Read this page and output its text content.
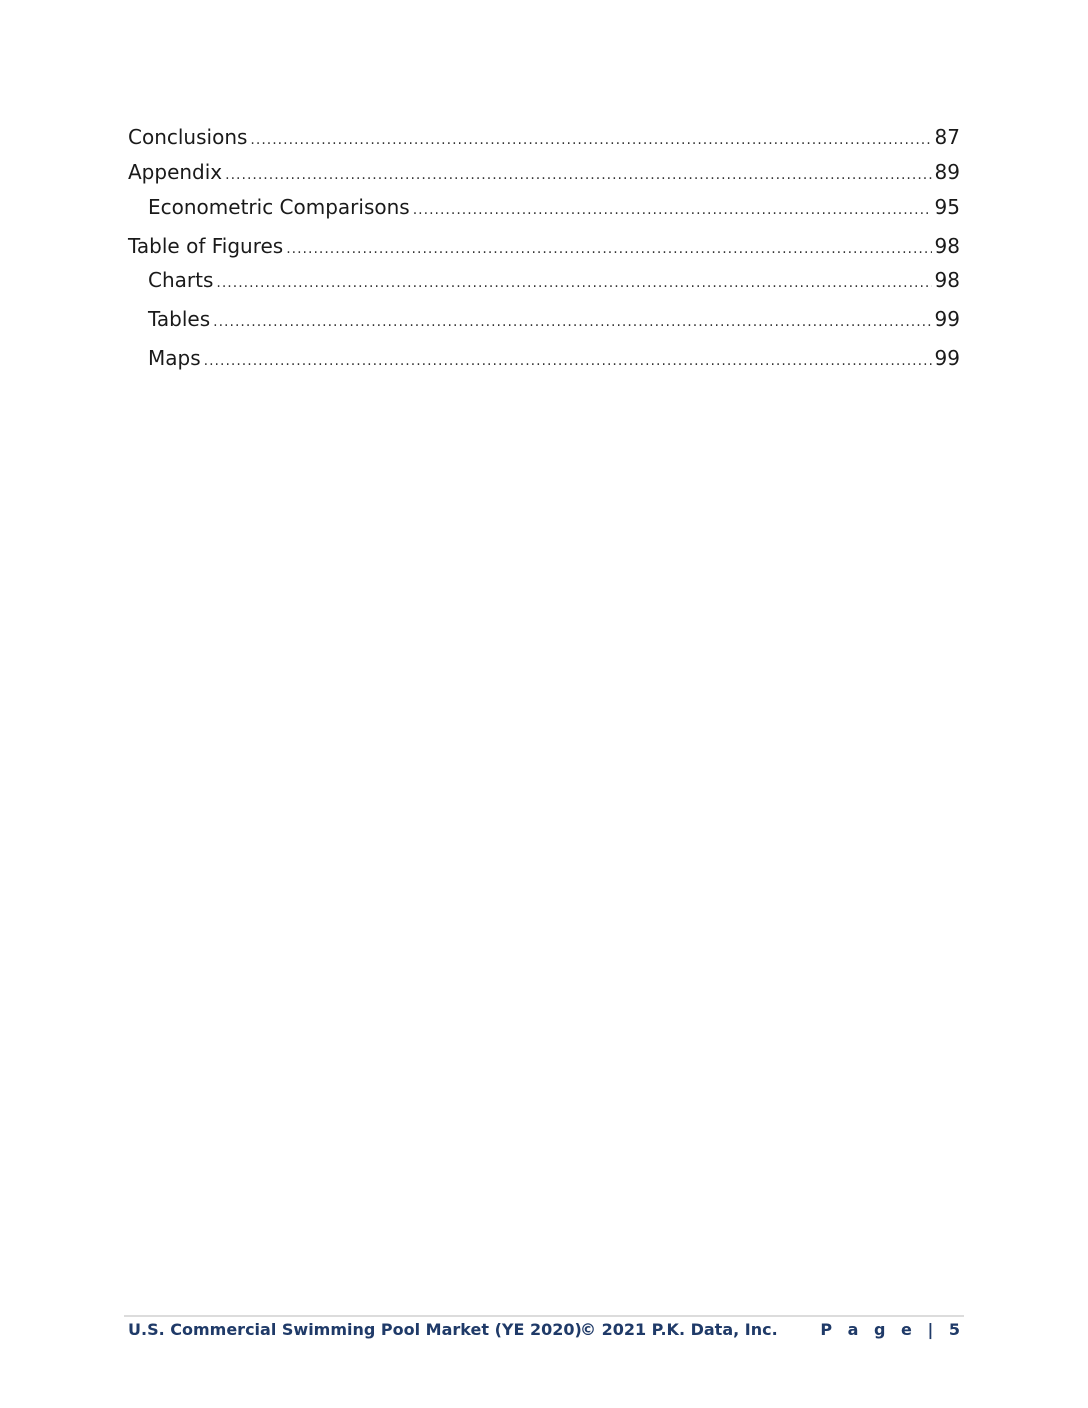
Conclusions .....	87
Appendix .....	89
Econometric Comparisons .....	95
Table of Figures .....	98
Charts .....	98
Tables .....	99
Maps .....	99
U.S. Commercial Swimming Pool Market (YE 2020)
© 2021 P.K. Data, Inc.	P a g e | 5
